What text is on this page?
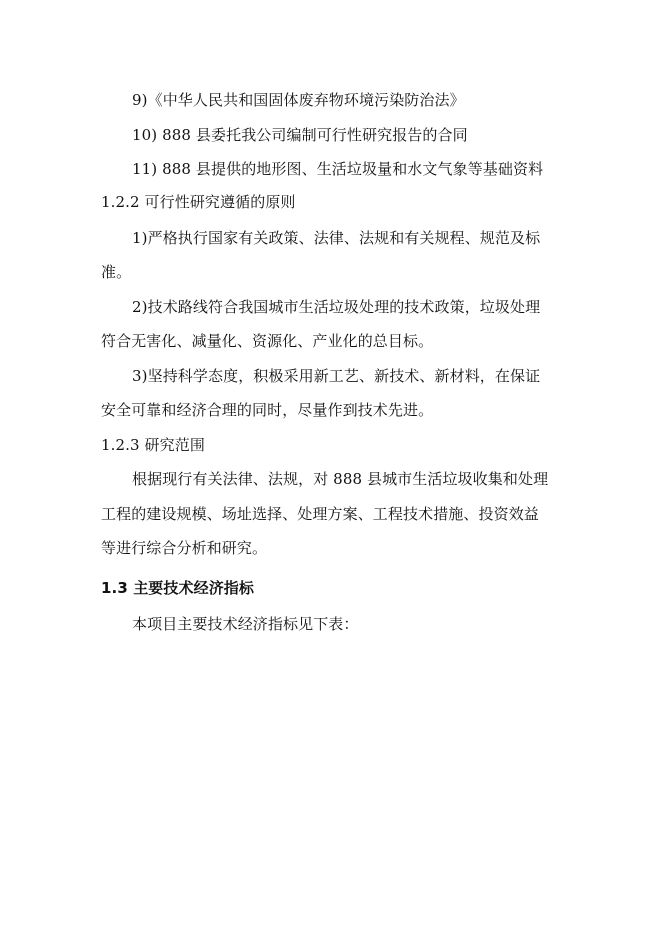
9)《中华人民共和国固体废弃物环境污染防治法》
10) 888 县委托我公司编制可行性研究报告的合同
11) 888 县提供的地形图、生活垃圾量和水文气象等基础资料
1.2.2 可行性研究遵循的原则
1)严格执行国家有关政策、法律、法规和有关规程、规范及标
准。
2)技术路线符合我国城市生活垃圾处理的技术政策，垃圾处理
符合无害化、减量化、资源化、产业化的总目标。
3)坚持科学态度，积极采用新工艺、新技术、新材料，在保证
安全可靠和经济合理的同时，尽量作到技术先进。
1.2.3 研究范围
根据现行有关法律、法规，对 888 县城市生活垃圾收集和处理
工程的建设规模、场址选择、处理方案、工程技术措施、投资效益
等进行综合分析和研究。
1.3 主要技术经济指标
本项目主要技术经济指标见下表：
